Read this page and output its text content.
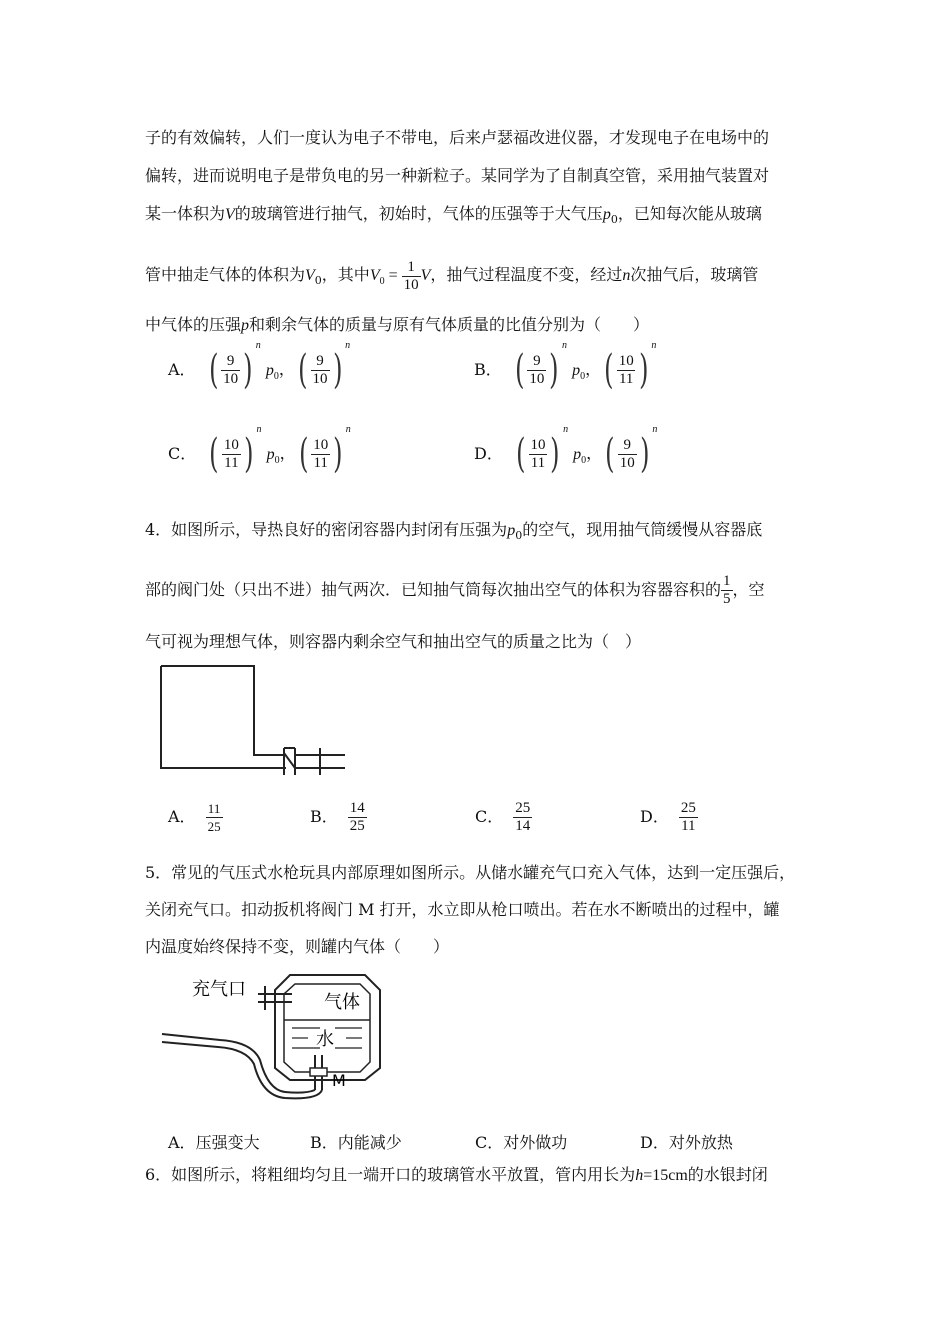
子的有效偏转，人们一度认为电子不带电，后来卢瑟福改进仪器，才发现电子在电场中的
偏转，进而说明电子是带负电的另一种新粒子。某同学为了自制真空管，采用抽气装置对
某一体积为V的玻璃管进行抽气，初始时，气体的压强等于大气压$p_0$，已知每次能从玻璃
管中抽走气体的体积为$V_0$，其中$V_0 = \frac{1}{10}$ V，抽气过程温度不变，经过n次抽气后，玻璃管
中气体的压强p和剩余气体的质量与原有气体质量的比值分别为（　　）
A． ( $\frac{9}{10}$ )
$^n$ $p_0$， ( $\frac{9}{10}$ )
$^n$
B． ( $\frac{9}{10}$ )
$^n$ $p_0$， ( $\frac{10}{11}$ )
$^n$
C． ( $\frac{10}{11}$ )
$^n$ $p_0$， ( $\frac{10}{11}$ )
$^n$
D． ( $\frac{10}{11}$ )
$^n$ $p_0$， ( $\frac{9}{10}$ )
$^n$
4．如图所示，导热良好的密闭容器内封闭有压强为$p_0$的空气，现用抽气筒缓慢从容器底
部的阀门处（只出不进）抽气两次．已知抽气筒每次抽出空气的体积为容器容积的 $\frac{1}{5}$ ，空
气可视为理想气体，则容器内剩余空气和抽出空气的质量之比为（　）
A． $\frac{11}{25}$	B． $\frac{14}{25}$	C． $\frac{25}{14}$	D． $\frac{25}{11}$
5．常见的气压式水枪玩具内部原理如图所示。从储水罐充气口充入气体，达到一定压强后，
关闭充气口。扣动扳机将阀门 M 打开，水立即从枪口喷出。若在水不断喷出的过程中，罐
内温度始终保持不变，则罐内气体（　　）
充气口
气体
水
M
A．压强变大	B．内能减少	C．对外做功	D．对外放热
6．如图所示，将粗细均匀且一端开口的玻璃管水平放置，管内用长为h=15cm的水银封闭
